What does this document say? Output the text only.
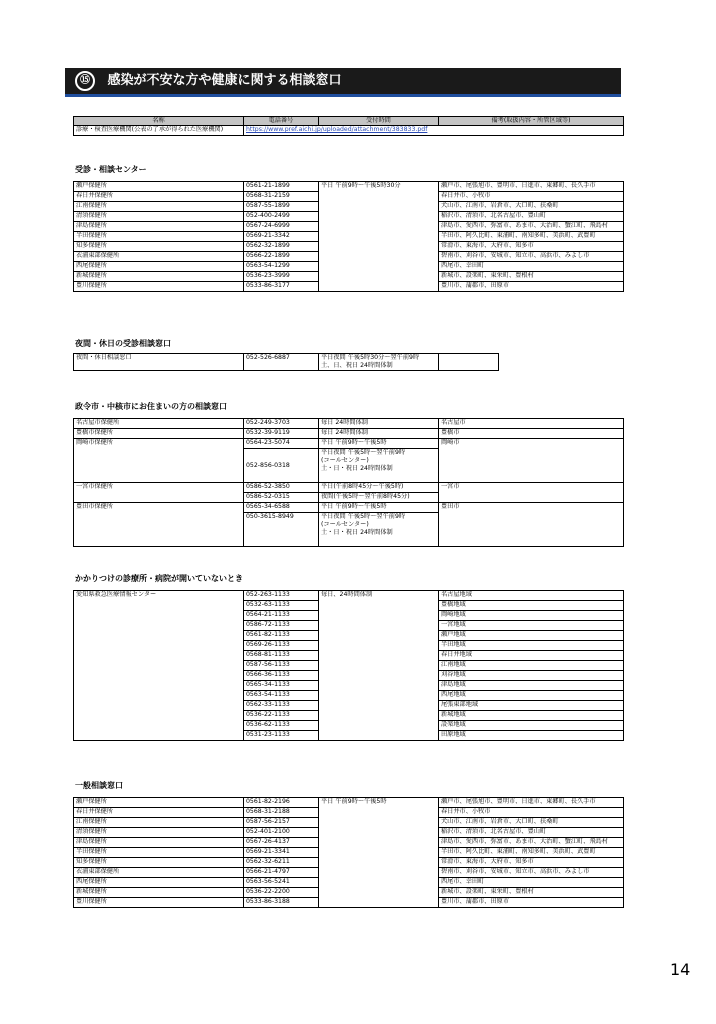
⑮ 感染が不安な方や健康に関する相談窓口
名称	電話番号	受付時間	備考(取扱内容・所管区域等)
診療・検査医療機関(公表の了承が得られた医療機関)	https://www.pref.aichi.jp/uploaded/attachment/383833.pdf		
受診・相談センター
瀬戸保健所	0561-21-1899	平日 午前9時～午後5時30分	瀬戸市、尾張旭市、豊明市、日進市、東郷町、長久手市
春日井保健所	0568-31-2159		春日井市、小牧市
江南保健所	0587-55-1899		犬山市、江南市、岩倉市、大口町、扶桑町
清須保健所	052-400-2499		稲沢市、清須市、北名古屋市、豊山町
津島保健所	0567-24-6999		津島市、愛西市、弥富市、あま市、大治町、蟹江町、飛島村
半田保健所	0569-21-3342		半田市、阿久比町、東浦町、南知多町、美浜町、武豊町
知多保健所	0562-32-1899		常滑市、東海市、大府市、知多市
衣浦東部保健所	0566-22-1899		碧南市、刈谷市、安城市、知立市、高浜市、みよし市
西尾保健所	0563-54-1299		西尾市、幸田町
新城保健所	0536-23-3999		新城市、設楽町、東栄町、豊根村
豊川保健所	0533-86-3177		豊川市、蒲郡市、田原市
夜間・休日の受診相談窓口
夜間・休日相談窓口	052-526-6887	平日夜間 午後5時30分～翌午前9時
土、日、祝日 24時間体制

政令市・中核市にお住まいの方の相談窓口
名古屋市保健所	052-249-3703	毎日 24時間体制	名古屋市
豊橋市保健所	0532-39-9119	毎日 24時間体制	豊橋市
岡崎市保健所	0564-23-5074	平日 午前9時～午後5時	岡崎市
	052-856-0318	平日夜間 午後5時～翌午前9時
(コールセンター)
土・日・祝日 24時間体制	

一宮市保健所	0586-52-3850	平日(午前8時45分～午後5時)	一宮市
	0586-52-0315	夜間(午後5時～翌午前8時45分)	
豊田市保健所	0565-34-6588	平日 午前9時～午後5時	豊田市
	050-3615-8949	平日夜間 午後5時～翌午前9時
(コールセンター)
土・日・祝日 24時間体制	
かかりつけの診療所・病院が開いていないとき
愛知県救急医療情報センター	052-263-1133	毎日、24時間体制	名古屋地域
	0532-63-1133		豊橋地域
	0564-21-1133		岡崎地域
	0586-72-1133		一宮地域
	0561-82-1133		瀬戸地域
	0569-26-1133		半田地域
	0568-81-1133		春日井地域
	0587-56-1133		江南地域
	0566-36-1133		刈谷地域
	0565-34-1133		津島地域
	0563-54-1133		西尾地域
	0562-33-1133		尾張東部地域
	0536-22-1133		新城地域
	0536-62-1133		設楽地域
	0531-23-1133		田原地域
一般相談窓口
瀬戸保健所	0561-82-2196	平日 午前9時～午後5時	瀬戸市、尾張旭市、豊明市、日進市、東郷町、長久手市
春日井保健所	0568-31-2188		春日井市、小牧市
江南保健所	0587-56-2157		犬山市、江南市、岩倉市、大口町、扶桑町
清須保健所	052-401-2100		稲沢市、清須市、北名古屋市、豊山町
津島保健所	0567-26-4137		津島市、愛西市、弥富市、あま市、大治町、蟹江町、飛島村
半田保健所	0569-21-3341		半田市、阿久比町、東浦町、南知多町、美浜町、武豊町
知多保健所	0562-32-6211		常滑市、東海市、大府市、知多市
衣浦東部保健所	0566-21-4797		碧南市、刈谷市、安城市、知立市、高浜市、みよし市
西尾保健所	0563-56-5241		西尾市、幸田町
新城保健所	0536-22-2200		新城市、設楽町、東栄町、豊根村
豊川保健所	0533-86-3188		豊川市、蒲郡市、田原市
14
